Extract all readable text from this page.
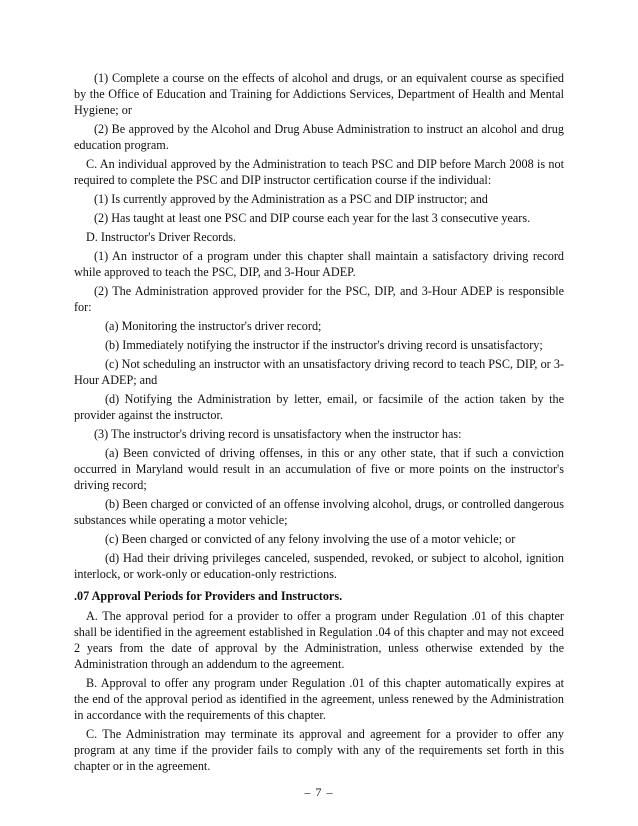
(1) Complete a course on the effects of alcohol and drugs, or an equivalent course as specified by the Office of Education and Training for Addictions Services, Department of Health and Mental Hygiene; or

(2) Be approved by the Alcohol and Drug Abuse Administration to instruct an alcohol and drug education program.

C. An individual approved by the Administration to teach PSC and DIP before March 2008 is not required to complete the PSC and DIP instructor certification course if the individual:

(1) Is currently approved by the Administration as a PSC and DIP instructor; and

(2) Has taught at least one PSC and DIP course each year for the last 3 consecutive years.

D. Instructor's Driver Records.

(1) An instructor of a program under this chapter shall maintain a satisfactory driving record while approved to teach the PSC, DIP, and 3-Hour ADEP.

(2) The Administration approved provider for the PSC, DIP, and 3-Hour ADEP is responsible for:

(a) Monitoring the instructor's driver record;

(b) Immediately notifying the instructor if the instructor's driving record is unsatisfactory;

(c) Not scheduling an instructor with an unsatisfactory driving record to teach PSC, DIP, or 3-Hour ADEP; and

(d) Notifying the Administration by letter, email, or facsimile of the action taken by the provider against the instructor.

(3) The instructor's driving record is unsatisfactory when the instructor has:

(a) Been convicted of driving offenses, in this or any other state, that if such a conviction occurred in Maryland would result in an accumulation of five or more points on the instructor's driving record;

(b) Been charged or convicted of an offense involving alcohol, drugs, or controlled dangerous substances while operating a motor vehicle;

(c) Been charged or convicted of any felony involving the use of a motor vehicle; or

(d) Had their driving privileges canceled, suspended, revoked, or subject to alcohol, ignition interlock, or work-only or education-only restrictions.

.07 Approval Periods for Providers and Instructors.

A. The approval period for a provider to offer a program under Regulation .01 of this chapter shall be identified in the agreement established in Regulation .04 of this chapter and may not exceed 2 years from the date of approval by the Administration, unless otherwise extended by the Administration through an addendum to the agreement.

B. Approval to offer any program under Regulation .01 of this chapter automatically expires at the end of the approval period as identified in the agreement, unless renewed by the Administration in accordance with the requirements of this chapter.

C. The Administration may terminate its approval and agreement for a provider to offer any program at any time if the provider fails to comply with any of the requirements set forth in this chapter or in the agreement.

– 7 –
